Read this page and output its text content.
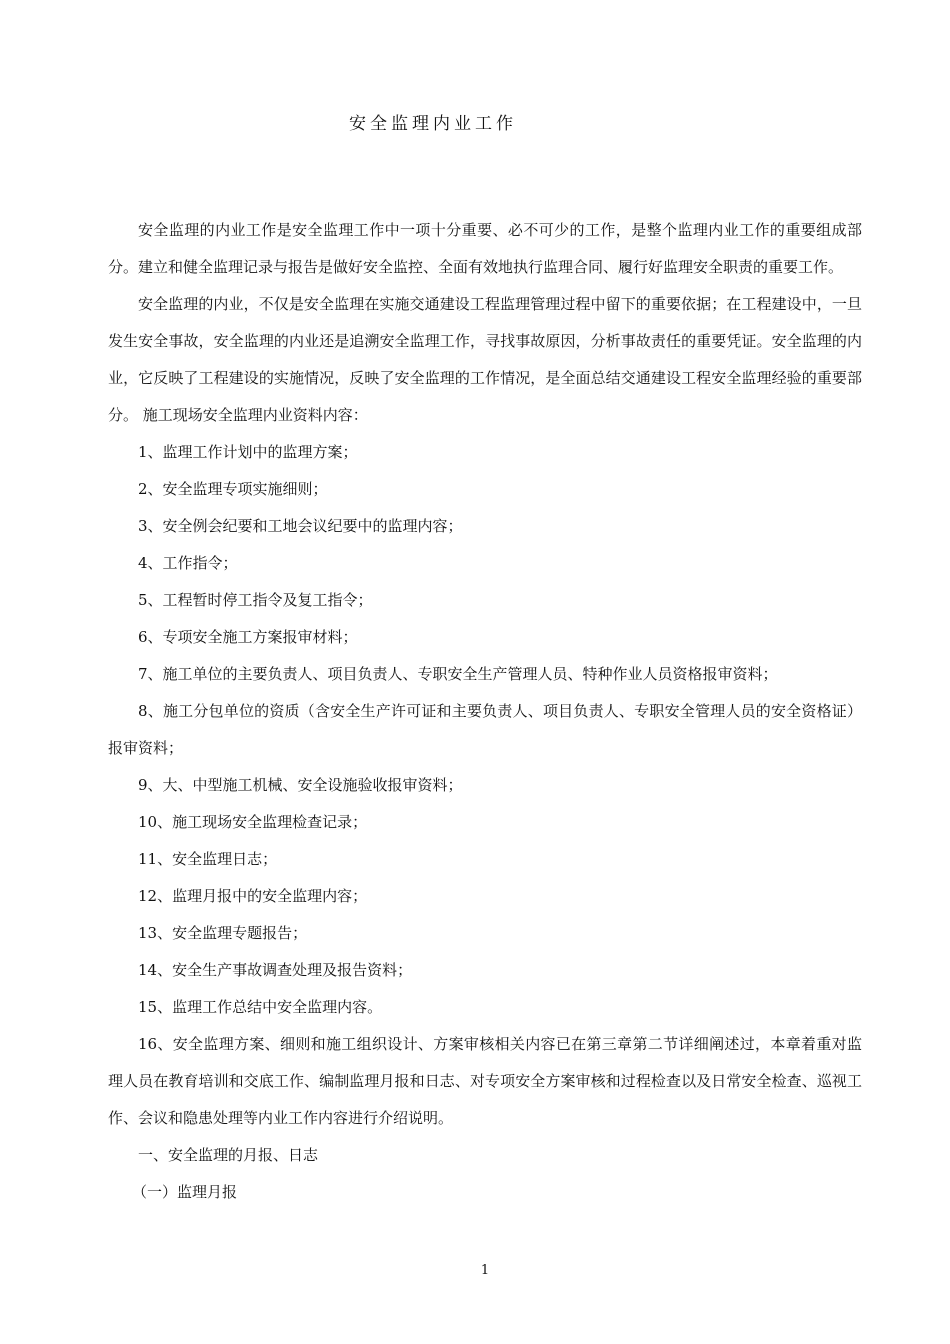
安全监理内业工作

安全监理的内业工作是安全监理工作中一项十分重要、必不可少的工作，是整个监理内业工作的重要组成部分。建立和健全监理记录与报告是做好安全监控、全面有效地执行监理合同、履行好监理安全职责的重要工作。

安全监理的内业，不仅是安全监理在实施交通建设工程监理管理过程中留下的重要依据；在工程建设中，一旦发生安全事故，安全监理的内业还是追溯安全监理工作，寻找事故原因，分析事故责任的重要凭证。安全监理的内业，它反映了工程建设的实施情况，反映了安全监理的工作情况，是全面总结交通建设工程安全监理经验的重要部分。 施工现场安全监理内业资料内容：

1、监理工作计划中的监理方案；

2、安全监理专项实施细则；

3、安全例会纪要和工地会议纪要中的监理内容；

4、工作指令；

5、工程暂时停工指令及复工指令；

6、专项安全施工方案报审材料；

7、施工单位的主要负责人、项目负责人、专职安全生产管理人员、特种作业人员资格报审资料；

8、施工分包单位的资质（含安全生产许可证和主要负责人、项目负责人、专职安全管理人员的安全资格证）报审资料；

9、大、中型施工机械、安全设施验收报审资料；

10、施工现场安全监理检查记录；

11、安全监理日志；

12、监理月报中的安全监理内容；

13、安全监理专题报告；

14、安全生产事故调查处理及报告资料；

15、监理工作总结中安全监理内容。

16、安全监理方案、细则和施工组织设计、方案审核相关内容已在第三章第二节详细阐述过，本章着重对监理人员在教育培训和交底工作、编制监理月报和日志、对专项安全方案审核和过程检查以及日常安全检查、巡视工作、会议和隐患处理等内业工作内容进行介绍说明。

一、安全监理的月报、日志

（一）监理月报

1
